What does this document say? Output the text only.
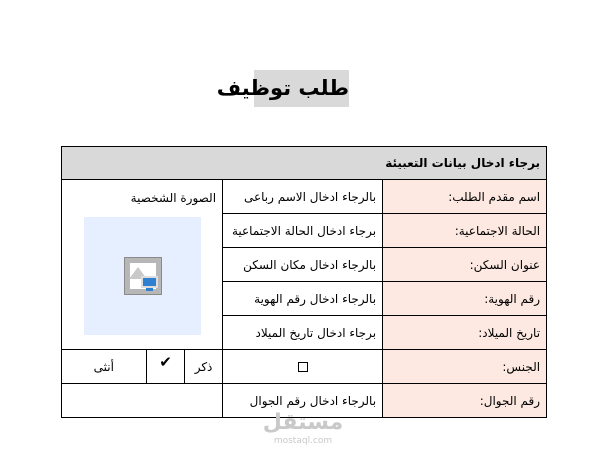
طلب توظيف
برجاء ادخال بيانات التعبيئة					
اسم مقدم الطلب:	بالرجاء ادخال الاسم رباعى	الصورة الشخصية			

الحالة الاجتماعية:	برجاء ادخال الحالة الاجتماعية				
عنوان السكن:	بالرجاء ادخال مكان السكن				
رقم الهوية:	بالرجاء ادخال رقم الهوية				
تاريخ الميلاد:	برجاء ادخال تاريخ الميلاد				
الجنس:		ذكر	✔	أنثى	
رقم الجوال:	بالرجاء ادخال رقم الجوال				
مستقل
mostaql.com
